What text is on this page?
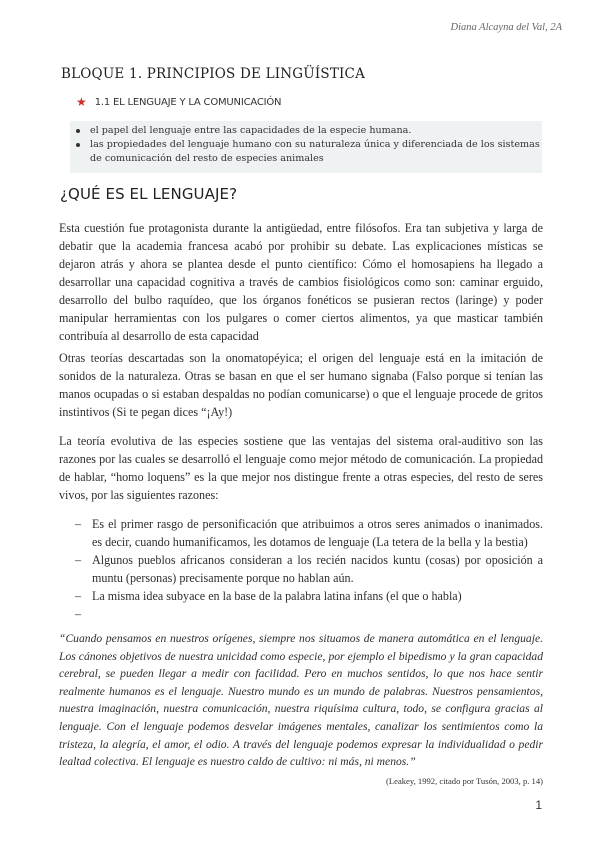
Diana Alcayna del Val, 2A
BLOQUE 1. PRINCIPIOS DE LINGÜÍSTICA
★ 1.1 EL LENGUAJE Y LA COMUNICACIÓN
el papel del lenguaje entre las capacidades de la especie humana.
las propiedades del lenguaje humano con su naturaleza única y diferenciada de los sistemas de comunicación del resto de especies animales
¿QUÉ ES EL LENGUAJE?

Esta cuestión fue protagonista durante la antigüedad, entre filósofos. Era tan subjetiva y larga de debatir que la academia francesa acabó por prohibir su debate. Las explicaciones místicas se dejaron atrás y ahora se plantea desde el punto científico: Cómo el homosapiens ha llegado a desarrollar una capacidad cognitiva a través de cambios fisiológicos como son: caminar erguido, desarrollo del bulbo raquídeo, que los órganos fonéticos se pusieran rectos (laringe) y poder manipular herramientas con los pulgares o comer ciertos alimentos, ya que masticar también contribuía al desarrollo de esta capacidad

Otras teorías descartadas son la onomatopéyica; el origen del lenguaje está en la imitación de sonidos de la naturaleza. Otras se basan en que el ser humano signaba (Falso porque si tenían las manos ocupadas o si estaban despaldas no podían comunicarse) o que el lenguaje procede de gritos instintivos (Si te pegan dices “¡Ay!)

La teoría evolutiva de las especies sostiene que las ventajas del sistema oral-auditivo son las razones por las cuales se desarrolló el lenguaje como mejor método de comunicación. La propiedad de hablar, “homo loquens” es la que mejor nos distingue frente a otras especies, del resto de seres vivos, por las siguientes razones:

– Es el primer rasgo de personificación que atribuimos a otros seres animados o inanimados. es decir, cuando humanificamos, les dotamos de lenguaje (La tetera de la bella y la bestia)
– Algunos pueblos africanos consideran a los recién nacidos kuntu (cosas) por oposición a muntu (personas) precisamente porque no hablan aún.
– La misma idea subyace en la base de la palabra latina infans (el que o habla)
–

“Cuando pensamos en nuestros orígenes, siempre nos situamos de manera automática en el lenguaje. Los cánones objetivos de nuestra unicidad como especie, por ejemplo el bipedismo y la gran capacidad cerebral, se pueden llegar a medir con facilidad. Pero en muchos sentidos, lo que nos hace sentir realmente humanos es el lenguaje. Nuestro mundo es un mundo de palabras. Nuestros pensamientos, nuestra imaginación, nuestra comunicación, nuestra riquísima cultura, todo, se configura gracias al lenguaje. Con el lenguaje podemos desvelar imágenes mentales, canalizar los sentimientos como la tristeza, la alegría, el amor, el odio. A través del lenguaje podemos expresar la individualidad o pedir lealtad colectiva. El lenguaje es nuestro caldo de cultivo: ni más, ni menos.”
(Leakey, 1992, citado por Tusón, 2003, p. 14)

1
